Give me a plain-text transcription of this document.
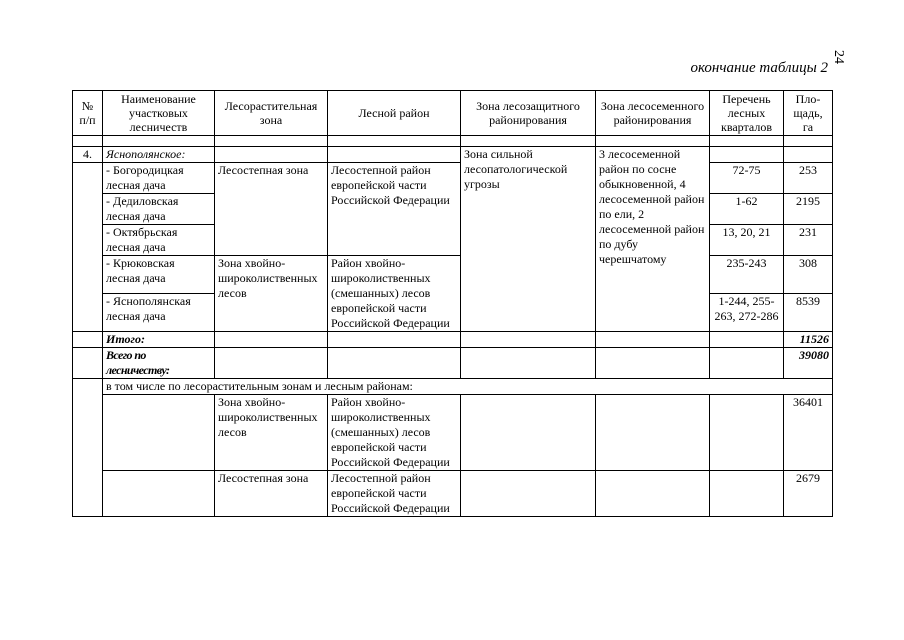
24
окончание таблицы 2
№ п/п	Наименование участковых лесничеств	Лесорастительная зона	Лесной район	Зона лесозащитного районирования	Зона лесосеменного районирования	Перечень лесных кварталов	Пло-щадь, га

4.	Яснополянское:			Зона сильной лесопатологической угрозы	3 лесосеменной район по сосне обыкновенной, 4 лесосеменной район по ели, 2 лесосеменной район по дубу черешчатому		
	- Богородицкая лесная дача	Лесостепная зона	Лесостепной район европейской части Российской Федерации			72-75	253
	- Дедиловская лесная дача					1-62	2195
	- Октябрьская лесная дача					13, 20, 21	231
	- Крюковская лесная дача	Зона хвойно-широколиственных лесов	Район хвойно-широколиственных (смешанных) лесов европейской части Российской Федерации			235-243	308
	- Яснополянская лесная дача					1-244, 255-263, 272-286	8539
	Итого:						11526
	Всего по лесничеству:						39080
	в том числе по лесорастительным зонам и лесным районам:						
		Зона хвойно-широколиственных лесов	Район хвойно-широколиственных (смешанных) лесов европейской части Российской Федерации				36401
		Лесостепная зона	Лесостепной район европейской части Российской Федерации				2679
